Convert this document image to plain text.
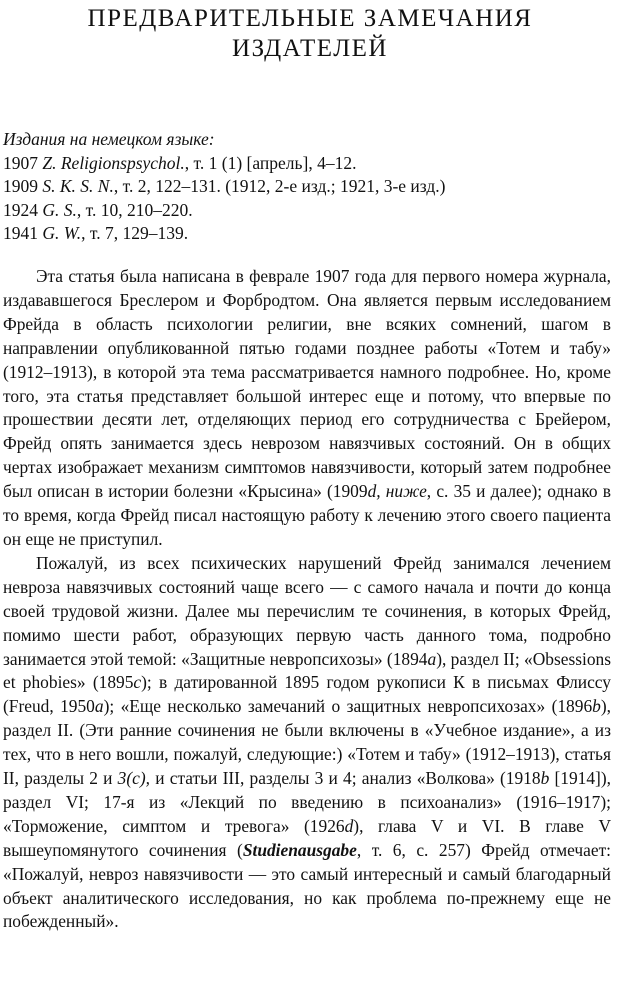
ПРЕДВАРИТЕЛЬНЫЕ ЗАМЕЧАНИЯ
ИЗДАТЕЛЕЙ
Издания на немецком языке:
1907 Z. Religionspsychol., т. 1 (1) [апрель], 4–12.
1909 S. K. S. N., т. 2, 122–131. (1912, 2-е изд.; 1921, 3-е изд.)
1924 G. S., т. 10, 210–220.
1941 G. W., т. 7, 129–139.

Эта статья была написана в феврале 1907 года для первого номера журнала, издававшегося Бреслером и Форбродтом. Она является первым исследованием Фрейда в область психологии религии, вне всяких сомнений, шагом в направлении опубликованной пятью годами позднее работы «Тотем и табу» (1912–1913), в которой эта тема рассматривается намного подробнее. Но, кроме того, эта статья представляет большой интерес еще и потому, что впервые по прошествии десяти лет, отделяющих период его сотрудничества с Брейером, Фрейд опять занимается здесь неврозом навязчивых состояний. Он в общих чертах изображает механизм симптомов навязчивости, который затем подробнее был описан в истории болезни «Крысина» (1909d, ниже, с. 35 и далее); однако в то время, когда Фрейд писал настоящую работу к лечению этого своего пациента он еще не приступил.

Пожалуй, из всех психических нарушений Фрейд занимался лечением невроза навязчивых состояний чаще всего — с самого начала и почти до конца своей трудовой жизни. Далее мы перечислим те сочинения, в которых Фрейд, помимо шести работ, образующих первую часть данного тома, подробно занимается этой темой: «Защитные невропсихозы» (1894a), раздел II; «Obsessions et phobies» (1895c); в датированной 1895 годом рукописи К в письмах Флиссу (Freud, 1950a); «Еще несколько замечаний о защитных невропсихозах» (1896b), раздел II. (Эти ранние сочинения не были включены в «Учебное издание», а из тех, что в него вошли, пожалуй, следующие:) «Тотем и табу» (1912–1913), статья II, разделы 2 и 3(c), и статьи III, разделы 3 и 4; анализ «Волкова» (1918b [1914]), раздел VI; 17-я из «Лекций по введению в психоанализ» (1916–1917); «Торможение, симптом и тревога» (1926d), глава V и VI. В главе V вышеупомянутого сочинения (Studienausgabe, т. 6, с. 257) Фрейд отмечает: «Пожалуй, невроз навязчивости — это самый интересный и самый благодарный объект аналитического исследования, но как проблема по-прежнему еще не побежденный».
